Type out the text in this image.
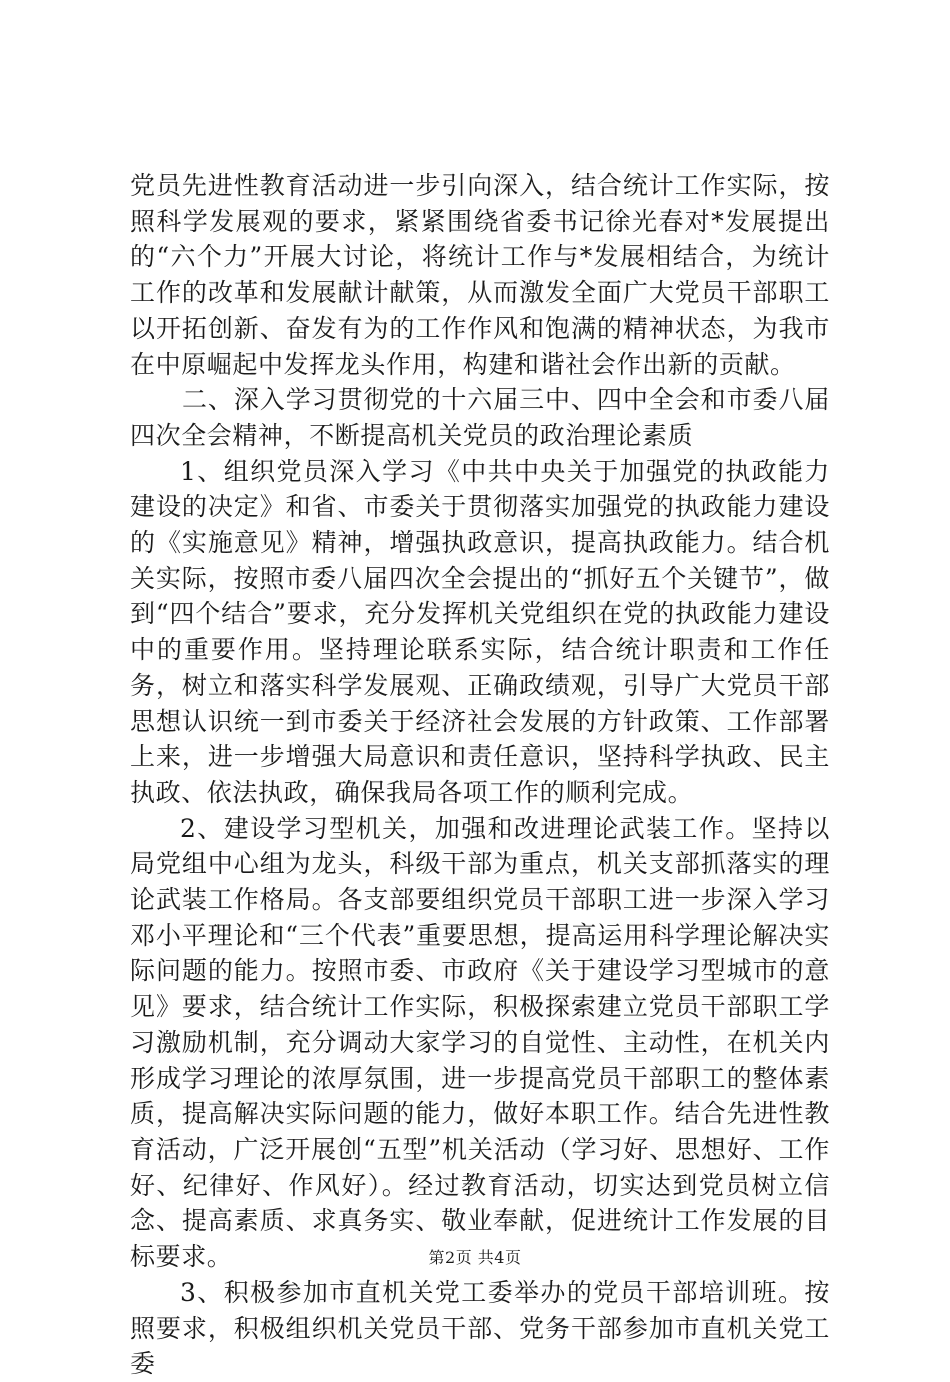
党员先进性教育活动进一步引向深入，结合统计工作实际，按照科学发展观的要求，紧紧围绕省委书记徐光春对*发展提出的“六个力”开展大讨论，将统计工作与*发展相结合，为统计工作的改革和发展献计献策，从而激发全面广大党员干部职工以开拓创新、奋发有为的工作作风和饱满的精神状态，为我市在中原崛起中发挥龙头作用，构建和谐社会作出新的贡献。

二、深入学习贯彻党的十六届三中、四中全会和市委八届四次全会精神，不断提高机关党员的政治理论素质

1、组织党员深入学习《中共中央关于加强党的执政能力建设的决定》和省、市委关于贯彻落实加强党的执政能力建设的《实施意见》精神，增强执政意识，提高执政能力。结合机关实际，按照市委八届四次全会提出的“抓好五个关键节”，做到“四个结合”要求，充分发挥机关党组织在党的执政能力建设中的重要作用。坚持理论联系实际，结合统计职责和工作任务，树立和落实科学发展观、正确政绩观，引导广大党员干部思想认识统一到市委关于经济社会发展的方针政策、工作部署上来，进一步增强大局意识和责任意识，坚持科学执政、民主执政、依法执政，确保我局各项工作的顺利完成。

2、建设学习型机关，加强和改进理论武装工作。坚持以局党组中心组为龙头，科级干部为重点，机关支部抓落实的理论武装工作格局。各支部要组织党员干部职工进一步深入学习邓小平理论和“三个代表”重要思想，提高运用科学理论解决实际问题的能力。按照市委、市政府《关于建设学习型城市的意见》要求，结合统计工作实际，积极探索建立党员干部职工学习激励机制，充分调动大家学习的自觉性、主动性，在机关内形成学习理论的浓厚氛围，进一步提高党员干部职工的整体素质，提高解决实际问题的能力，做好本职工作。结合先进性教育活动，广泛开展创“五型”机关活动（学习好、思想好、工作好、纪律好、作风好）。经过教育活动，切实达到党员树立信念、提高素质、求真务实、敬业奉献，促进统计工作发展的目标要求。

3、积极参加市直机关党工委举办的党员干部培训班。按照要求，积极组织机关党员干部、党务干部参加市直机关党工委

第2页 共4页
